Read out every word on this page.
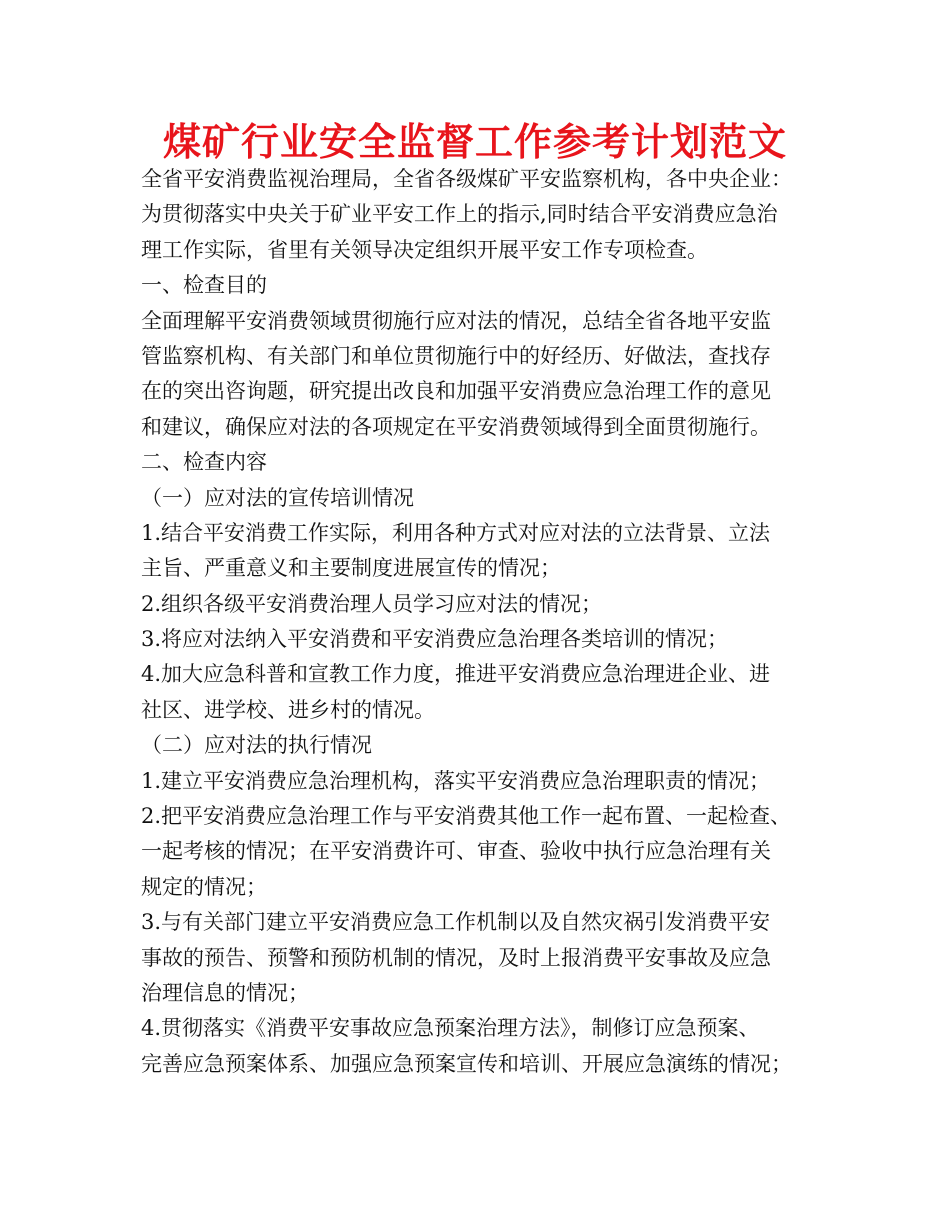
煤矿行业安全监督工作参考计划范文
全省平安消费监视治理局，全省各级煤矿平安监察机构，各中央企业：
为贯彻落实中央关于矿业平安工作上的指示,同时结合平安消费应急治
理工作实际，省里有关领导决定组织开展平安工作专项检查。
一、检查目的
全面理解平安消费领域贯彻施行应对法的情况，总结全省各地平安监
管监察机构、有关部门和单位贯彻施行中的好经历、好做法，查找存
在的突出咨询题，研究提出改良和加强平安消费应急治理工作的意见
和建议，确保应对法的各项规定在平安消费领域得到全面贯彻施行。
二、检查内容
（一）应对法的宣传培训情况
1.结合平安消费工作实际，利用各种方式对应对法的立法背景、立法
主旨、严重意义和主要制度进展宣传的情况；
2.组织各级平安消费治理人员学习应对法的情况；
3.将应对法纳入平安消费和平安消费应急治理各类培训的情况；
4.加大应急科普和宣教工作力度，推进平安消费应急治理进企业、进
社区、进学校、进乡村的情况。
（二）应对法的执行情况
1.建立平安消费应急治理机构，落实平安消费应急治理职责的情况；
2.把平安消费应急治理工作与平安消费其他工作一起布置、一起检查、
一起考核的情况；在平安消费许可、审查、验收中执行应急治理有关
规定的情况；
3.与有关部门建立平安消费应急工作机制以及自然灾祸引发消费平安
事故的预告、预警和预防机制的情况，及时上报消费平安事故及应急
治理信息的情况；
4.贯彻落实《消费平安事故应急预案治理方法》，制修订应急预案、
完善应急预案体系、加强应急预案宣传和培训、开展应急演练的情况；
